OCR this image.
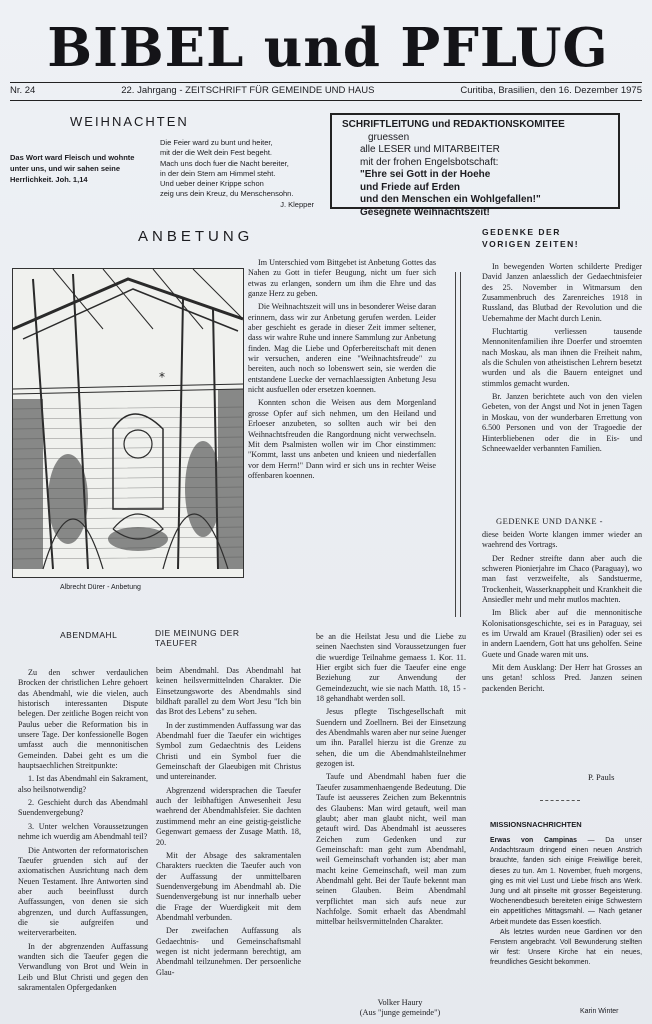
BIBEL und PFLUG
Nr. 24	22. Jahrgang - ZEITSCHRIFT FÜR GEMEINDE UND HAUS	Curitiba, Brasilien, den 16. Dezember 1975
WEIHNACHTEN
Das Wort ward Fleisch und wohnte
unter uns, und wir sahen seine
Herrlichkeit. Joh. 1,14
Die Feier ward zu bunt und heiter,
mit der die Welt dein Fest begeht.
Mach uns doch fuer die Nacht bereiter,
in der dein Stern am Himmel steht.
Und ueber deiner Krippe schon
zeig uns dein Kreuz, du Menschensohn.
J. Klepper
SCHRIFTLEITUNG und REDAKTIONSKOMITEE
gruessen
alle LESER und MITARBEITER
mit der frohen Engelsbotschaft:
"Ehre sei Gott in der Hoehe
und Friede auf Erden
und den Menschen ein Wohlgefallen!"
Gesegnete Weihnachtszeit!
ANBETUNG
*
Albrecht Dürer - Anbetung

Im Unterschied vom Bittgebet ist Anbetung Gottes das Nahen zu Gott in tiefer Beugung, nicht um fuer sich etwas zu erlangen, sondern um ihm die Ehre und das ganze Herz zu geben.

Die Weihnachtszeit will uns in besonderer Weise daran erinnern, dass wir zur Anbetung gerufen werden. Leider aber geschieht es gerade in dieser Zeit immer seltener, dass wir wahre Ruhe und innere Sammlung zur Anbetung finden. Mag die Liebe und Opferbereitschaft mit denen wir versuchen, anderen eine "Weihnachtsfreude" zu bereiten, auch noch so lobenswert sein, sie werden die entstandene Luecke der vernachlaessigten Anbetung Jesu nicht ausfuellen oder ersetzen koennen.

Konnten schon die Weisen aus dem Morgenland grosse Opfer auf sich nehmen, um den Heiland und Erloeser anzubeten, so sollten auch wir bei den Weihnachtsfreuden die Rangordnung nicht verwechseln. Mit dem Psalmisten wollen wir im Chor einstimmen: "Kommt, lasst uns anbeten und knieen und niederfallen vor dem Herrn!" Dann wird er sich uns in rechter Weise offenbaren koennen.

GEDENKE DER
VORIGEN ZEITEN!

In bewegenden Worten schilderte Prediger David Janzen anlaesslich der Gedaechtnisfeier des 25. November in Witmarsum den Zusammenbruch des Zarenreiches 1918 in Russland, das Blutbad der Revolution und die Uebernahme der Macht durch Lenin.

Fluchtartig verliessen tausende Mennonitenfamilien ihre Doerfer und stroemten nach Moskau, als man ihnen die Freiheit nahm, als die Schulen von atheistischen Lehrern besetzt wurden und als die Bauern enteignet und stimmlos gemacht wurden.

Br. Janzen berichtete auch von den vielen Gebeten, von der Angst und Not in jenen Tagen in Moskau, von der wunderbaren Errettung von 6.500 Personen und von der Tragoedie der Hinterbliebenen oder die in Eis- und Schneewaelder verbannten Familien.

GEDENKE UND DANKE -

diese beiden Worte klangen immer wieder an waehrend des Vortrags.

Der Redner streifte dann aber auch die schweren Pionierjahre im Chaco (Paraguay), wo man fast verzweifelte, als Sandstuerme, Trockenheit, Wasserknappheit und Krankheit die Ansiedler mehr und mehr mutlos machten.

Im Blick aber auf die mennonitische Kolonisationsgeschichte, sei es in Paraguay, sei es im Urwald am Krauel (Brasilien) oder sei es in andern Laendern, Gott hat uns geholfen. Seine Guete und Gnade waren mit uns.

Mit dem Ausklang: Der Herr hat Grosses an uns getan! schloss Pred. Janzen seinen packenden Bericht.

P. Pauls
ABENDMAHL

Zu den schwer verdaulichen Brocken der christlichen Lehre gehoert das Abendmahl, wie die vielen, auch historisch interessanten Dispute belegen. Der zeitliche Bogen reicht von Paulus ueber die Reformation bis in unsere Tage. Der konfessionelle Bogen umfasst auch die mennonitischen Gemeinden. Dabei geht es um die hauptsaechlichen Streitpunkte:

1. Ist das Abendmahl ein Sakrament, also heilsnotwendig?

2. Geschieht durch das Abendmahl Suendenvergebung?

3. Unter welchen Voraussetzungen nehme ich wuerdig am Abendmahl teil?

Die Antworten der reformatorischen Taeufer gruenden sich auf der axiomatischen Ausrichtung nach dem Neuen Testament. Ihre Antworten sind aber auch beeinflusst durch Auffassungen, von denen sie sich abgrenzen, und durch Auffassungen, die sie aufgreifen und weiterverarbeiten.

In der abgrenzenden Auffassung wandten sich die Taeufer gegen die Verwandlung von Brot und Wein in Leib und Blut Christi und gegen den sakramentalen Opfergedanken

DIE MEINUNG DER
TAEUFER

beim Abendmahl. Das Abendmahl hat keinen heilsvermittelnden Charakter. Die Einsetzungsworte des Abendmahls sind bildhaft parallel zu dem Wort Jesu "Ich bin das Brot des Lebens" zu sehen.

In der zustimmenden Auffassung war das Abendmahl fuer die Taeufer ein wichtiges Symbol zum Gedaechtnis des Leidens Christi und ein Symbol fuer die Gemeinschaft der Glaeubigen mit Christus und untereinander.

Abgrenzend widersprachen die Taeufer auch der leibhaftigen Anwesenheit Jesu waehrend der Abendmahlsfeier. Sie dachten zustimmend mehr an eine geistig-geistliche Gegenwart gemaess der Zusage Matth. 18, 20.

Mit der Absage des sakramentalen Charakters rueckten die Taeufer auch von der Auffassung der unmittelbaren Suendenvergebung im Abendmahl ab. Die Suendenvergebung ist nur innerhalb ueber die Frage der Wuerdigkeit mit dem Abendmahl verbunden.

Der zweifachen Auffassung als Gedaechtnis- und Gemeinschaftsmahl wegen ist nicht jedermann berechtigt, am Abendmahl teilzunehmen. Der persoenliche Glau-

be an die Heilstat Jesu und die Liebe zu seinen Naechsten sind Voraussetzungen fuer die wuerdige Teilnahme gemaess 1. Kor. 11. Hier ergibt sich fuer die Taeufer eine enge Beziehung zur Anwendung der Gemeindezucht, wie sie nach Matth. 18, 15 - 18 gehandhabt werden soll.

Jesus pflegte Tischgesellschaft mit Suendern und Zoellnern. Bei der Einsetzung des Abendmahls waren aber nur seine Juenger um ihn. Parallel hierzu ist die Grenze zu sehen, die um die Abendmahlsteilnehmer gezogen ist.

Taufe und Abendmahl haben fuer die Taeufer zusammenhaengende Bedeutung. Die Taufe ist aeusseres Zeichen zum Bekenntnis des Glaubens: Man wird getauft, weil man glaubt; aber man glaubt nicht, weil man getauft wird. Das Abendmahl ist aeusseres Zeichen zum Gedenken und zur Gemeinschaft: man geht zum Abendmahl, weil Gemeinschaft vorhanden ist; aber man macht keine Gemeinschaft, weil man zum Abendmahl geht. Bei der Taufe bekennt man seinen Glauben. Beim Abendmahl verpflichtet man sich aufs neue zur Nachfolge. Somit erhaelt das Abendmahl mittelbar heilsvermittelnden Charakter.

Volker Haury
(Aus "junge gemeinde")
MISSIONSNACHRICHTEN
Erwas von Campinas — Da unser Andachtsraum dringend einen neuen Anstrich brauchte, fanden sich einige Freiwillige bereit, dieses zu tun. Am 1. November, frueh morgens, ging es mit viel Lust und Liebe frisch ans Werk. Jung und alt pinselte mit grosser Begeisterung. Wochenendbesuch bereiteten einige Schwestern ein appetitliches Mittagsmahl. — Nach getaner Arbeit mundete das Essen koestlich.
Als letztes wurden neue Gardinen vor den Fenstern angebracht. Voll Bewunderung stellten wir fest: Unsere Kirche hat ein neues, freundliches Gesicht bekommen.
Karin Winter
